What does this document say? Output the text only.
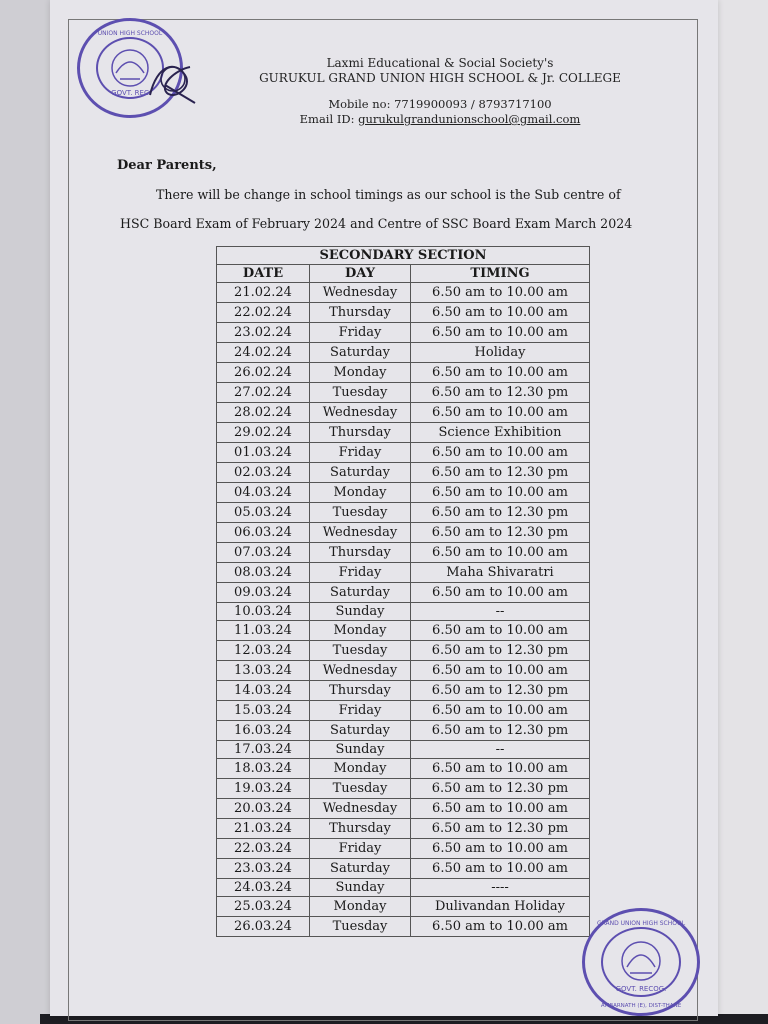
GOVT. REC
UNION HIGH SCHOOL
Laxmi Educational & Social Society's
GURUKUL GRAND UNION HIGH SCHOOL & Jr. COLLEGE
Mobile no: 7719900093 / 8793717100
Email ID: gurukulgrandunionschool@gmail.com
Dear Parents,
There will be change in school timings as our school is the Sub centre of
HSC Board Exam of February 2024 and Centre of SSC Board Exam March 2024
SECONDARY SECTION		
DATE	DAY	TIMING
21.02.24	Wednesday	6.50 am to 10.00 am
22.02.24	Thursday	6.50 am to 10.00 am
23.02.24	Friday	6.50 am to 10.00 am
24.02.24	Saturday	Holiday
26.02.24	Monday	6.50 am to 10.00 am
27.02.24	Tuesday	6.50 am to 12.30 pm
28.02.24	Wednesday	6.50 am to 10.00 am
29.02.24	Thursday	Science Exhibition
01.03.24	Friday	6.50 am to 10.00 am
02.03.24	Saturday	6.50 am to 12.30 pm
04.03.24	Monday	6.50 am to 10.00 am
05.03.24	Tuesday	6.50 am to 12.30 pm
06.03.24	Wednesday	6.50 am to 12.30 pm
07.03.24	Thursday	6.50 am to 10.00 am
08.03.24	Friday	Maha Shivaratri
09.03.24	Saturday	6.50 am to 10.00 am
10.03.24	Sunday	--
11.03.24	Monday	6.50 am to 10.00 am
12.03.24	Tuesday	6.50 am to 12.30 pm
13.03.24	Wednesday	6.50 am to 10.00 am
14.03.24	Thursday	6.50 am to 12.30 pm
15.03.24	Friday	6.50 am to 10.00 am
16.03.24	Saturday	6.50 am to 12.30 pm
17.03.24	Sunday	--
18.03.24	Monday	6.50 am to 10.00 am
19.03.24	Tuesday	6.50 am to 12.30 pm
20.03.24	Wednesday	6.50 am to 10.00 am
21.03.24	Thursday	6.50 am to 12.30 pm
22.03.24	Friday	6.50 am to 10.00 am
23.03.24	Saturday	6.50 am to 10.00 am
24.03.24	Sunday	----
25.03.24	Monday	Dulivandan Holiday
26.03.24	Tuesday	6.50 am to 10.00 am
GOVT. RECOG.
GRAND UNION HIGH SCHOOL
AMBARNATH (E), DIST-THANE
